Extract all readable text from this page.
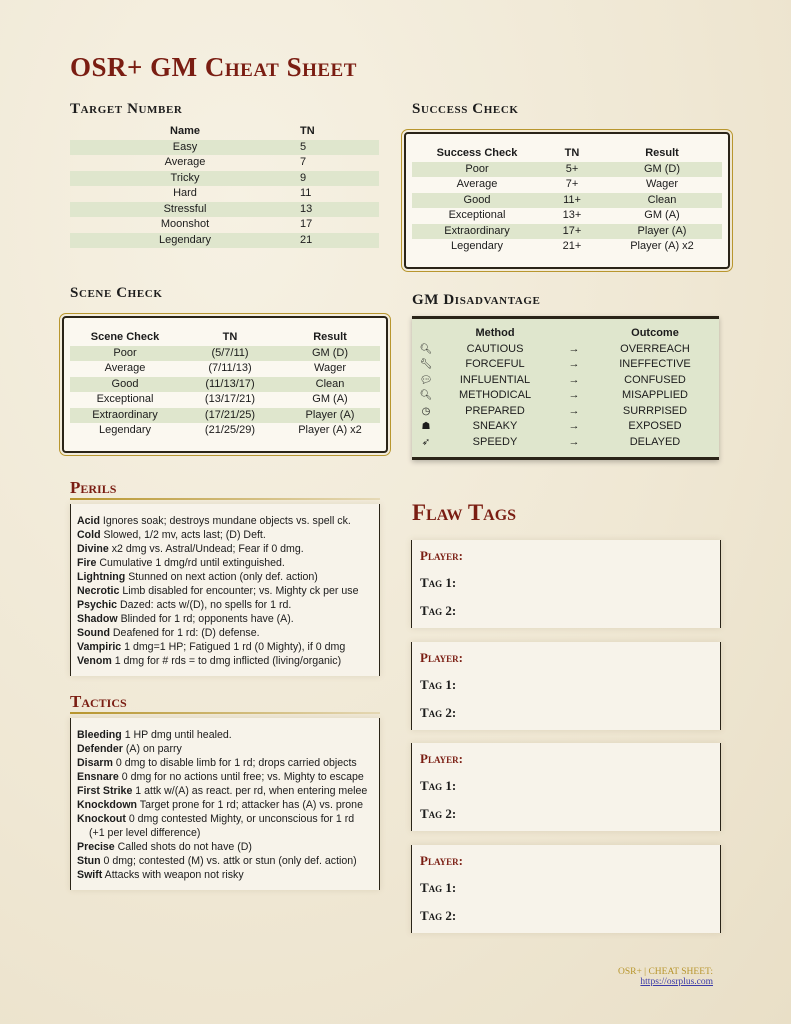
OSR+ GM Cheat Sheet
Target Number
Name	TN
Easy	5
Average	7
Tricky	9
Hard	11
Stressful	13
Moonshot	17
Legendary	21
Success Check
Success Check	TN	Result
Poor	5+	GM (D)
Average	7+	Wager
Good	11+	Clean
Exceptional	13+	GM (A)
Extraordinary	17+	Player (A)
Legendary	21+	Player (A) x2
Scene Check
Scene Check	TN	Result
Poor	(5/7/11)	GM (D)
Average	(7/11/13)	Wager
Good	(11/13/17)	Clean
Exceptional	(13/17/21)	GM (A)
Extraordinary	(17/21/25)	Player (A)
Legendary	(21/25/29)	Player (A) x2
GM Disadvantage
	Method		Outcome
🔍︎	CAUTIOUS	→	OVERREACH
🔧︎	FORCEFUL	→	INEFFECTIVE
💬︎	INFLUENTIAL	→	CONFUSED
🔍︎	METHODICAL	→	MISAPPLIED
◷	PREPARED	→	SURRPISED
☗	SNEAKY	→	EXPOSED
➶	SPEEDY	→	DELAYED
Perils
Acid Ignores soak; destroys mundane objects vs. spell ck.
Cold Slowed, 1/2 mv, acts last; (D) Deft.
Divine x2 dmg vs. Astral/Undead; Fear if 0 dmg.
Fire Cumulative 1 dmg/rd until extinguished.
Lightning Stunned on next action (only def. action)
Necrotic Limb disabled for encounter; vs. Mighty ck per use
Psychic Dazed: acts w/(D), no spells for 1 rd.
Shadow Blinded for 1 rd; opponents have (A).
Sound Deafened for 1 rd: (D) defense.
Vampiric 1 dmg=1 HP; Fatigued 1 rd (0 Mighty), if 0 dmg
Venom 1 dmg for # rds = to dmg inflicted (living/organic)
Tactics
Bleeding 1 HP dmg until healed.
Defender (A) on parry
Disarm 0 dmg to disable limb for 1 rd; drops carried objects
Ensnare 0 dmg for no actions until free; vs. Mighty to escape
First Strike 1 attk w/(A) as react. per rd, when entering melee
Knockdown Target prone for 1 rd; attacker has (A) vs. prone
Knockout 0 dmg contested Mighty, or unconscious for 1 rd
(+1 per level difference)
Precise Called shots do not have (D)
Stun 0 dmg; contested (M) vs. attk or stun (only def. action)
Swift Attacks with weapon not risky
Flaw Tags
Player:
Tag 1:
Tag 2:
Player:
Tag 1:
Tag 2:
Player:
Tag 1:
Tag 2:
Player:
Tag 1:
Tag 2:
OSR+ | CHEAT SHEET:
https://osrplus.com
